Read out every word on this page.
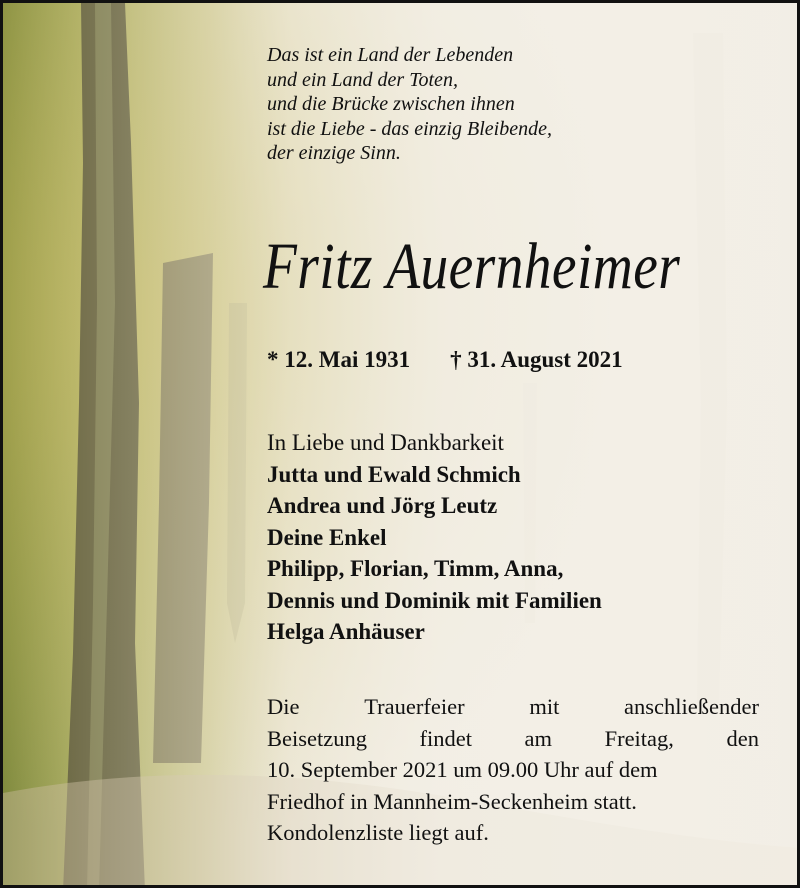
Das ist ein Land der Lebenden
und ein Land der Toten,
und die Brücke zwischen ihnen
ist die Liebe - das einzig Bleibende,
der einzige Sinn.
Fritz Auernheimer
* 12. Mai 1931 † 31. August 2021
In Liebe und Dankbarkeit
Jutta und Ewald Schmich
Andrea und Jörg Leutz
Deine Enkel
Philipp, Florian, Timm, Anna,
Dennis und Dominik mit Familien
Helga Anhäuser
Die	Trauerfeier	mit	anschließender
Beisetzung findet am Freitag, den
10. September 2021 um 09.00 Uhr auf dem
Friedhof in Mannheim-Seckenheim statt.
Kondolenzliste liegt auf.
